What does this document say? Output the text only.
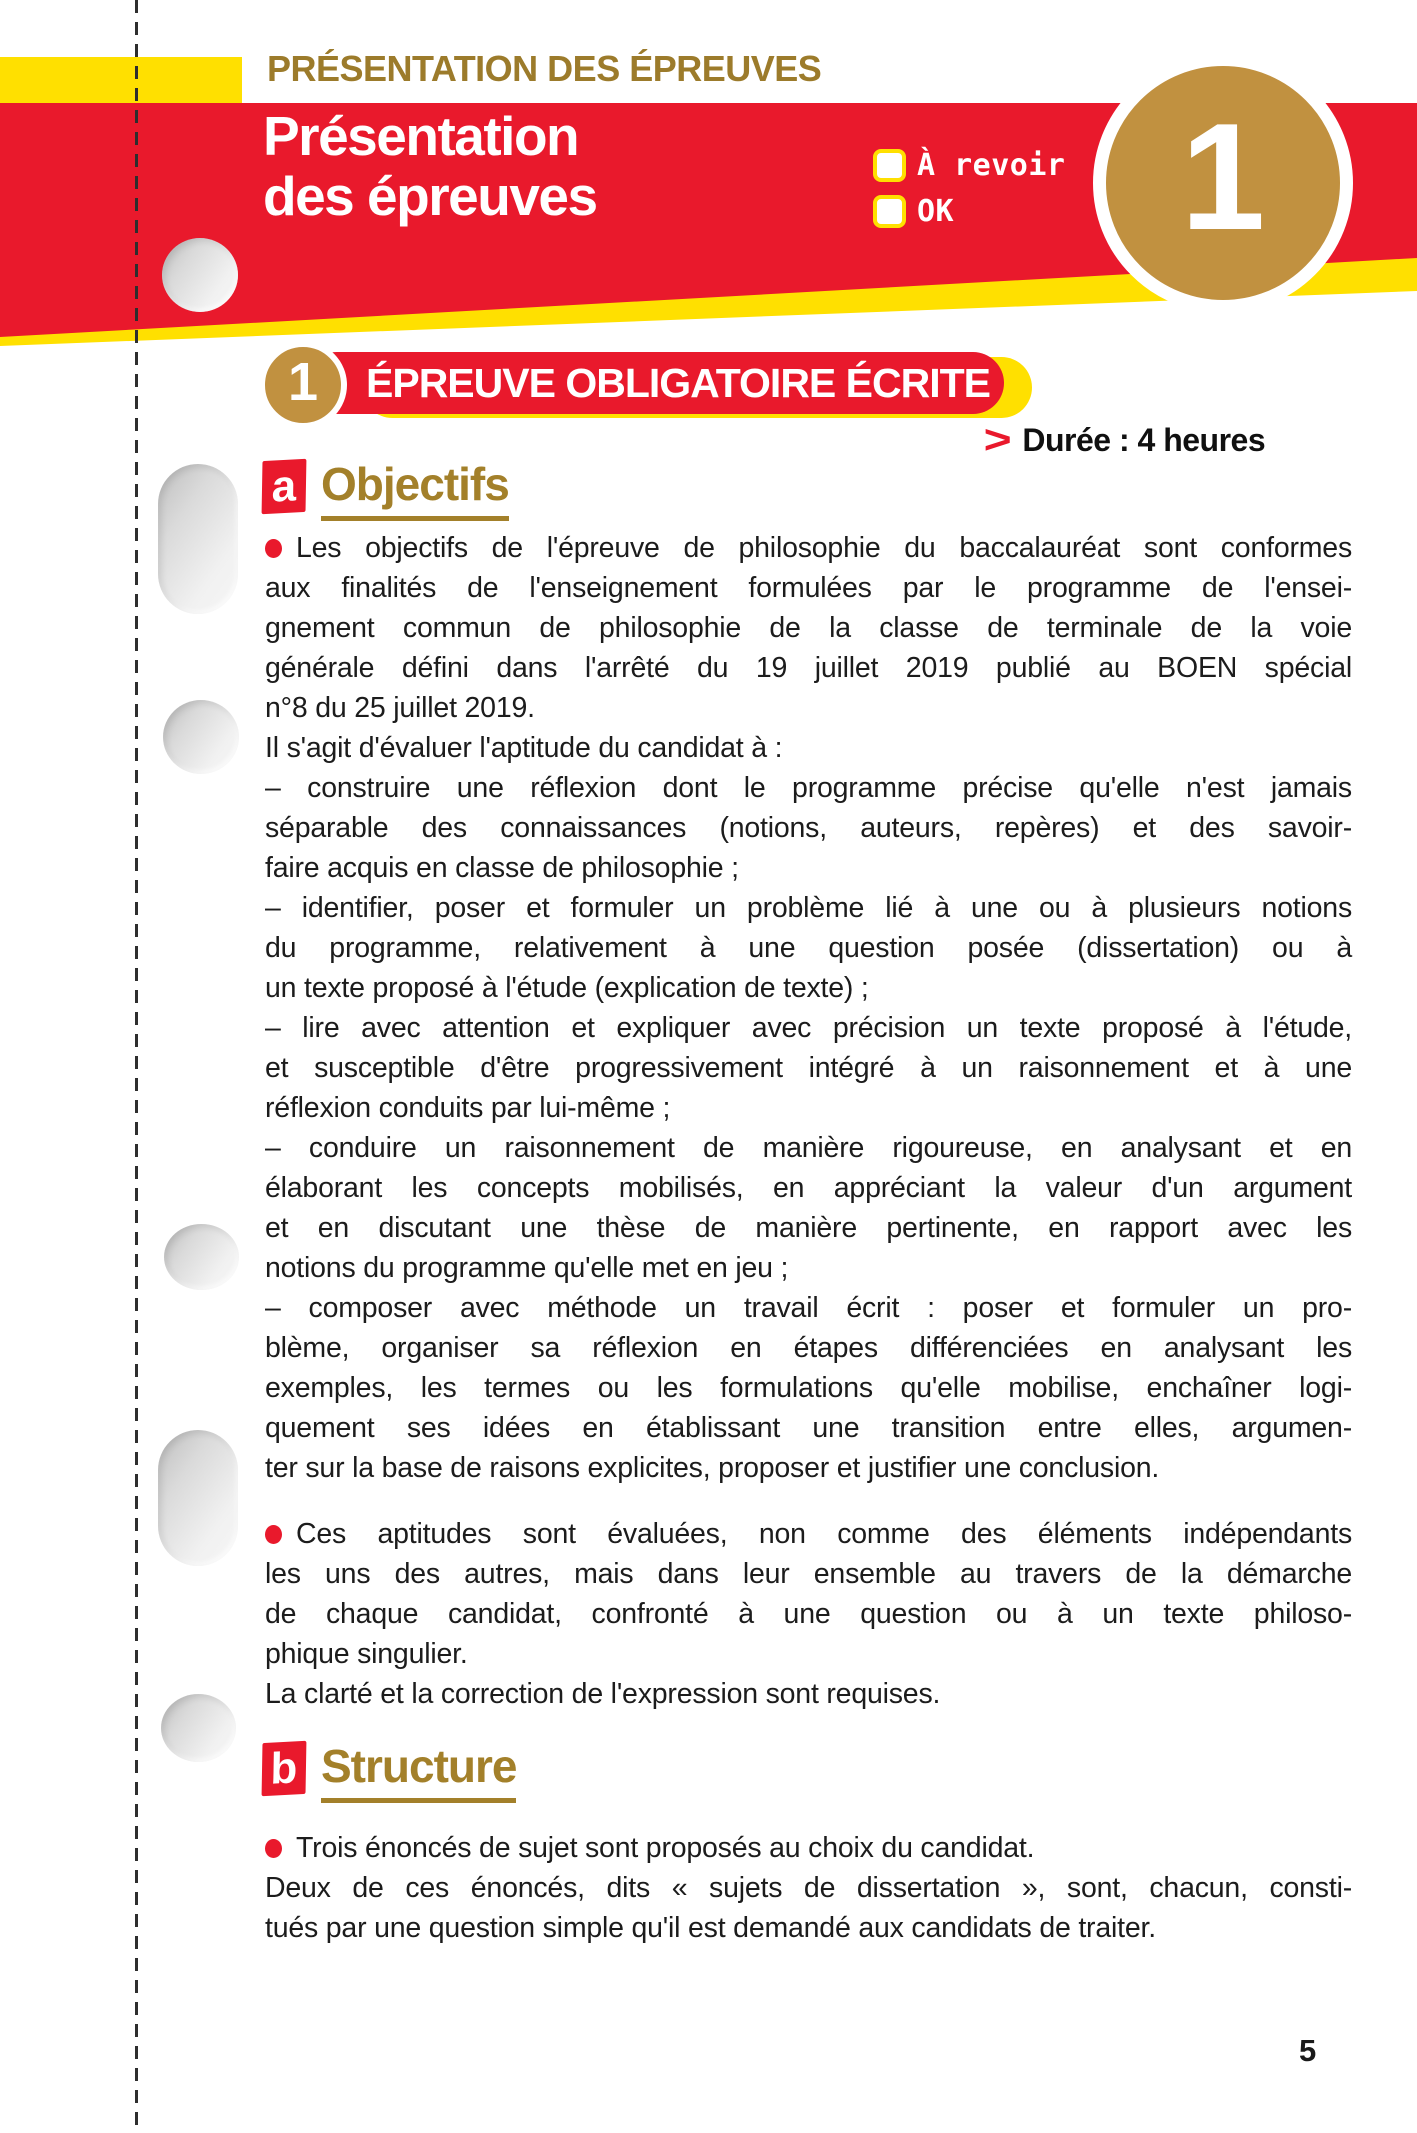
PRÉSENTATION DES ÉPREUVES
Présentation
des épreuves	À revoir
OK 1
ÉPREUVE OBLIGATOIRE ÉCRITE
1
> Durée : 4 heures
a Objectifs
Les objectifs de l'épreuve de philosophie du baccalauréat sont conformes
aux finalités de l'enseignement formulées par le programme de l'ensei-
gnement commun de philosophie de la classe de terminale de la voie
générale défini dans l'arrêté du 19 juillet 2019 publié au BOEN spécial
n°8 du 25 juillet 2019.
Il s'agit d'évaluer l'aptitude du candidat à :
– construire une réflexion dont le programme précise qu'elle n'est jamais
séparable des connaissances (notions, auteurs, repères) et des savoir-
faire acquis en classe de philosophie ;
– identifier, poser et formuler un problème lié à une ou à plusieurs notions
du programme, relativement à une question posée (dissertation) ou à
un texte proposé à l'étude (explication de texte) ;
– lire avec attention et expliquer avec précision un texte proposé à l'étude,
et susceptible d'être progressivement intégré à un raisonnement et à une
réflexion conduits par lui-même ;
– conduire un raisonnement de manière rigoureuse, en analysant et en
élaborant les concepts mobilisés, en appréciant la valeur d'un argument
et en discutant une thèse de manière pertinente, en rapport avec les
notions du programme qu'elle met en jeu ;
– composer avec méthode un travail écrit : poser et formuler un pro-
blème, organiser sa réflexion en étapes différenciées en analysant les
exemples, les termes ou les formulations qu'elle mobilise, enchaîner logi-
quement ses idées en établissant une transition entre elles, argumen-
ter sur la base de raisons explicites, proposer et justifier une conclusion.
Ces aptitudes sont évaluées, non comme des éléments indépendants
les uns des autres, mais dans leur ensemble au travers de la démarche
de chaque candidat, confronté à une question ou à un texte philoso-
phique singulier.
La clarté et la correction de l'expression sont requises.
b Structure
Trois énoncés de sujet sont proposés au choix du candidat.
Deux de ces énoncés, dits « sujets de dissertation », sont, chacun, consti-
tués par une question simple qu'il est demandé aux candidats de traiter.
5
